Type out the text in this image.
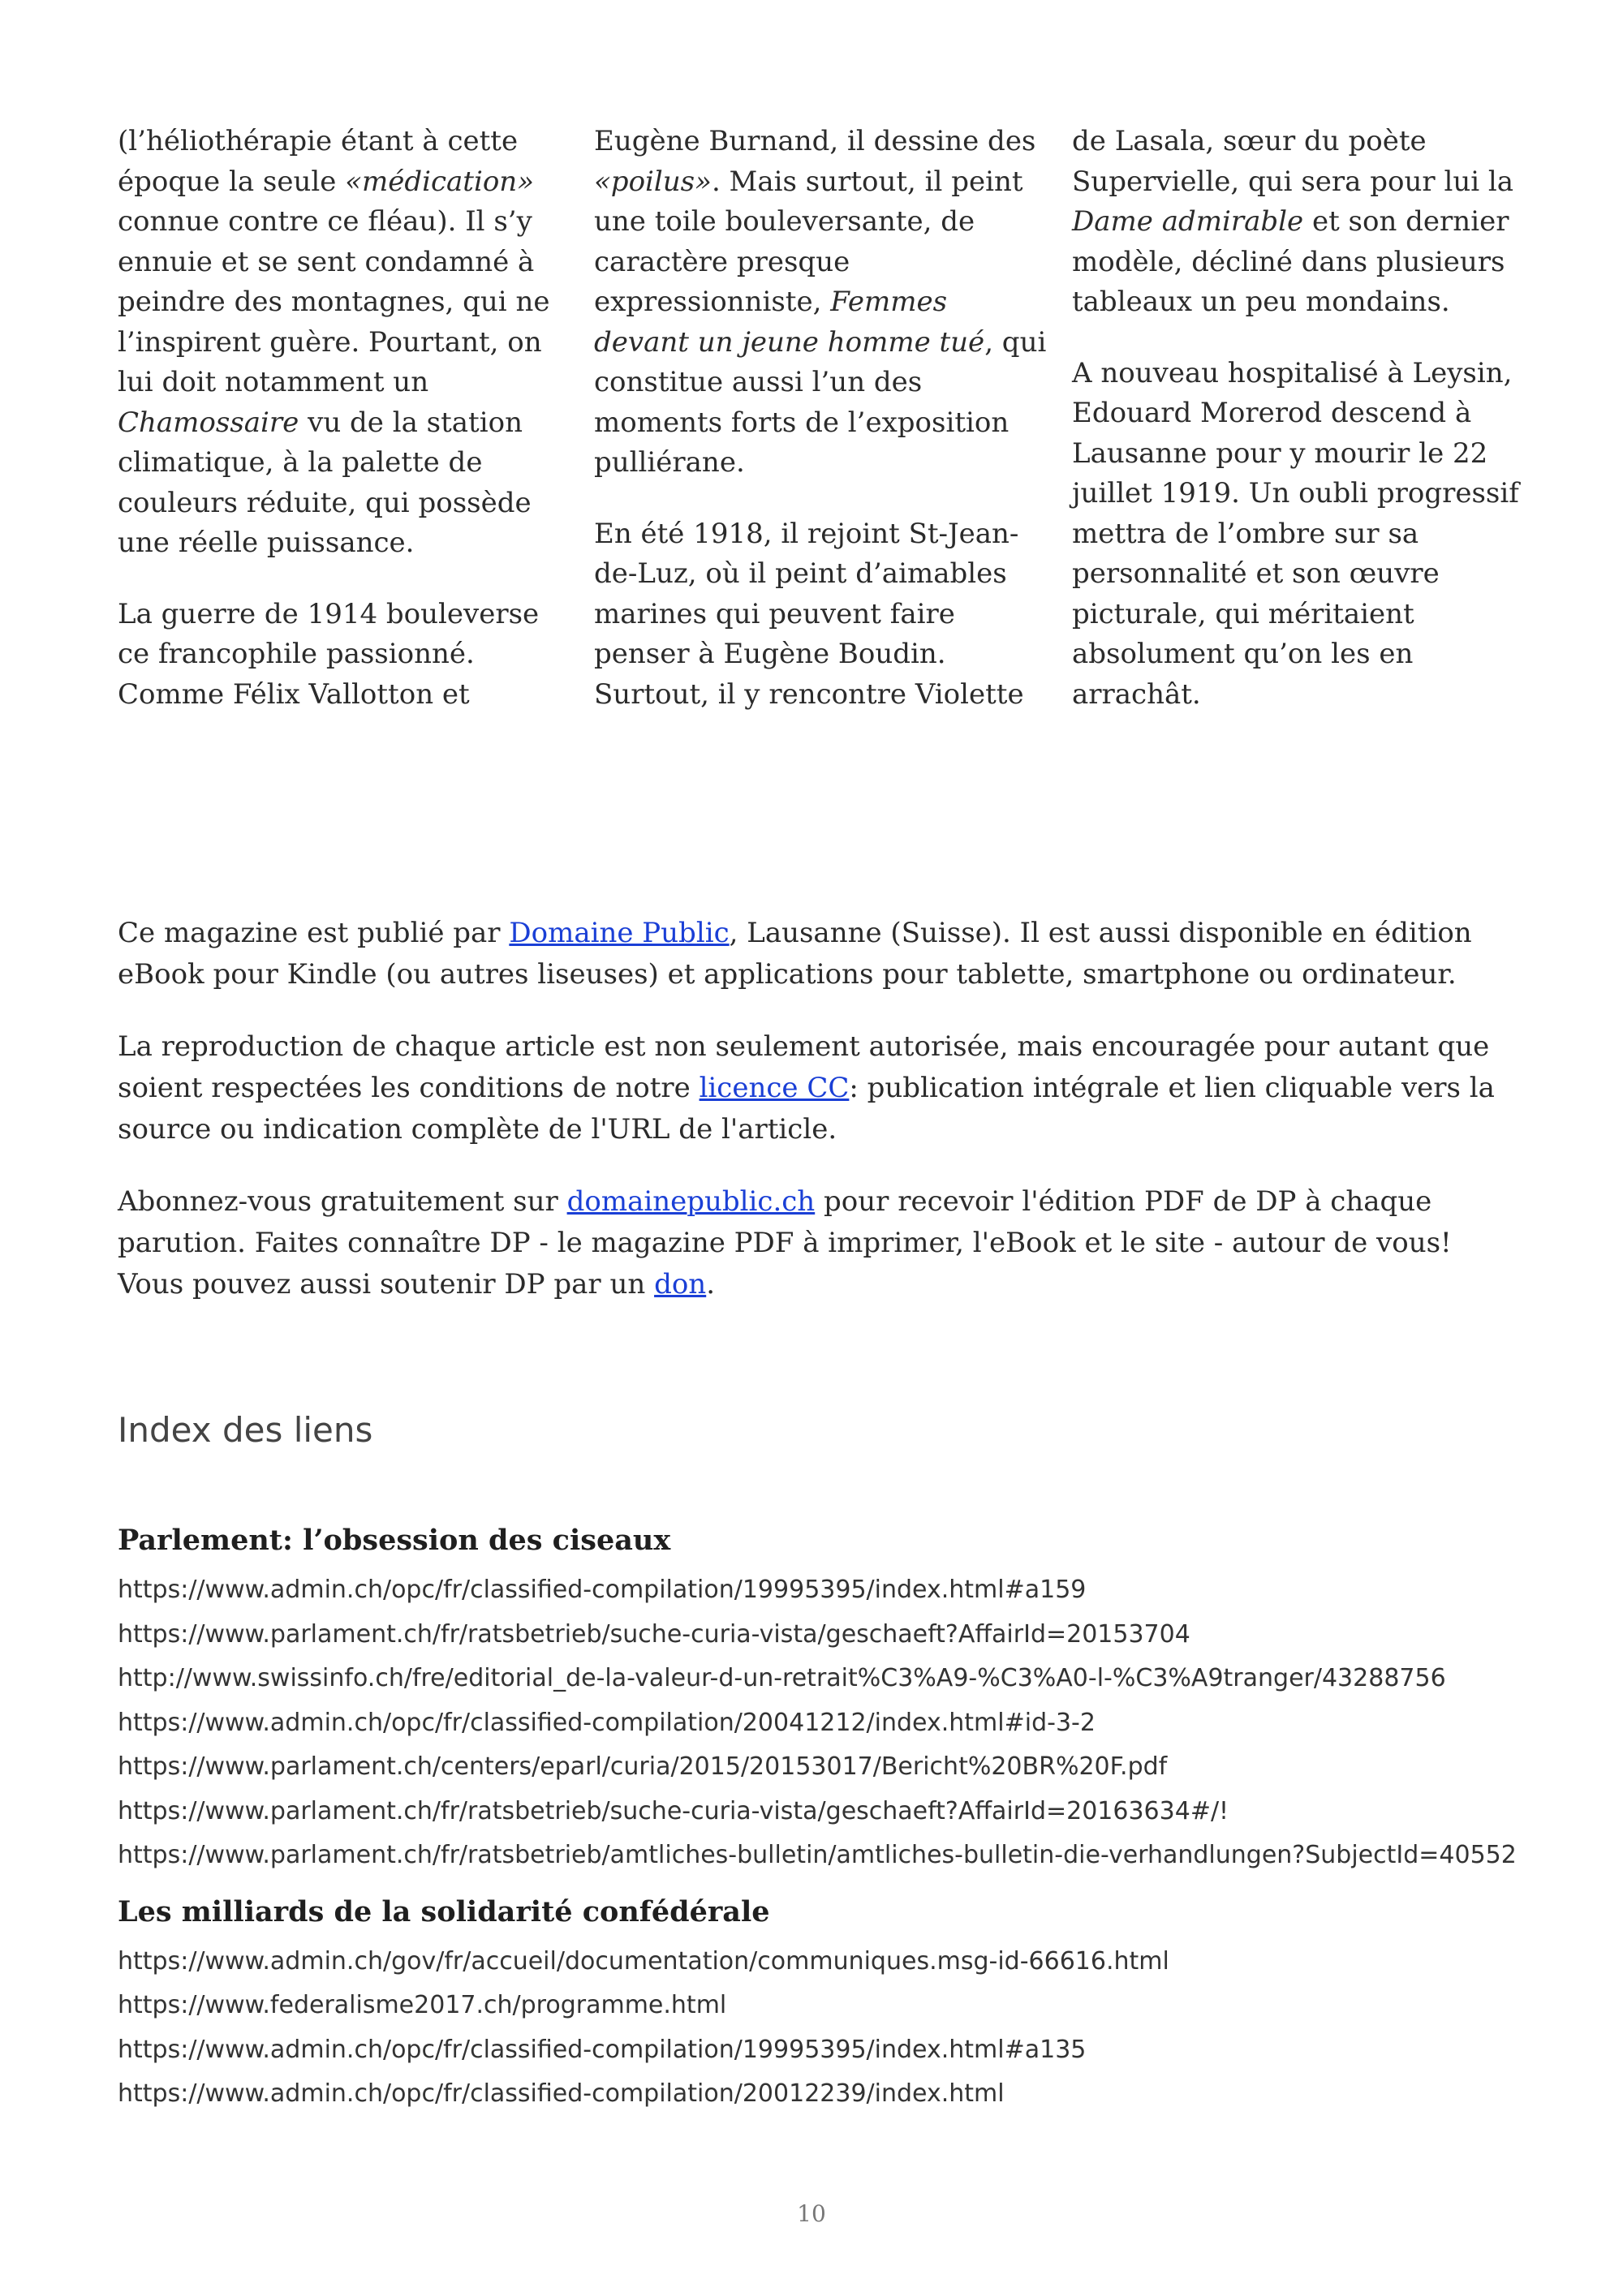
(l’héliothérapie étant à cette époque la seule «médication» connue contre ce fléau). Il s’y ennuie et se sent condamné à peindre des montagnes, qui ne l’inspirent guère. Pourtant, on lui doit notamment un Chamossaire vu de la station climatique, à la palette de couleurs réduite, qui possède une réelle puissance.

La guerre de 1914 bouleverse ce francophile passionné. Comme Félix Vallotton et

Eugène Burnand, il dessine des «poilus». Mais surtout, il peint une toile bouleversante, de caractère presque expressionniste, Femmes devant un jeune homme tué, qui constitue aussi l’un des moments forts de l’exposition pulliérane.

En été 1918, il rejoint St-Jean-de-Luz, où il peint d’aimables marines qui peuvent faire penser à Eugène Boudin. Surtout, il y rencontre Violette

de Lasala, sœur du poète Supervielle, qui sera pour lui la Dame admirable et son dernier modèle, décliné dans plusieurs tableaux un peu mondains.

A nouveau hospitalisé à Leysin, Edouard Morerod descend à Lausanne pour y mourir le 22 juillet 1919. Un oubli progressif mettra de l’ombre sur sa personnalité et son œuvre picturale, qui méritaient absolument qu’on les en arrachât.

Ce magazine est publié par Domaine Public, Lausanne (Suisse). Il est aussi disponible en édition eBook pour Kindle (ou autres liseuses) et applications pour tablette, smartphone ou ordinateur.

La reproduction de chaque article est non seulement autorisée, mais encouragée pour autant que soient respectées les conditions de notre licence CC: publication intégrale et lien cliquable vers la source ou indication complète de l'URL de l'article.

Abonnez-vous gratuitement sur domainepublic.ch pour recevoir l'édition PDF de DP à chaque parution. Faites connaître DP - le magazine PDF à imprimer, l'eBook et le site - autour de vous! Vous pouvez aussi soutenir DP par un don.

Index des liens
Parlement: l’obsession des ciseaux
https://www.admin.ch/opc/fr/classified-compilation/19995395/index.html#a159
https://www.parlament.ch/fr/ratsbetrieb/suche-curia-vista/geschaeft?AffairId=20153704
http://www.swissinfo.ch/fre/editorial_de-la-valeur-d-un-retrait%C3%A9-%C3%A0-l-%C3%A9tranger/43288756
https://www.admin.ch/opc/fr/classified-compilation/20041212/index.html#id-3-2
https://www.parlament.ch/centers/eparl/curia/2015/20153017/Bericht%20BR%20F.pdf
https://www.parlament.ch/fr/ratsbetrieb/suche-curia-vista/geschaeft?AffairId=20163634#/!
https://www.parlament.ch/fr/ratsbetrieb/amtliches-bulletin/amtliches-bulletin-die-verhandlungen?SubjectId=40552
Les milliards de la solidarité confédérale
https://www.admin.ch/gov/fr/accueil/documentation/communiques.msg-id-66616.html
https://www.federalisme2017.ch/programme.html
https://www.admin.ch/opc/fr/classified-compilation/19995395/index.html#a135
https://www.admin.ch/opc/fr/classified-compilation/20012239/index.html
10
